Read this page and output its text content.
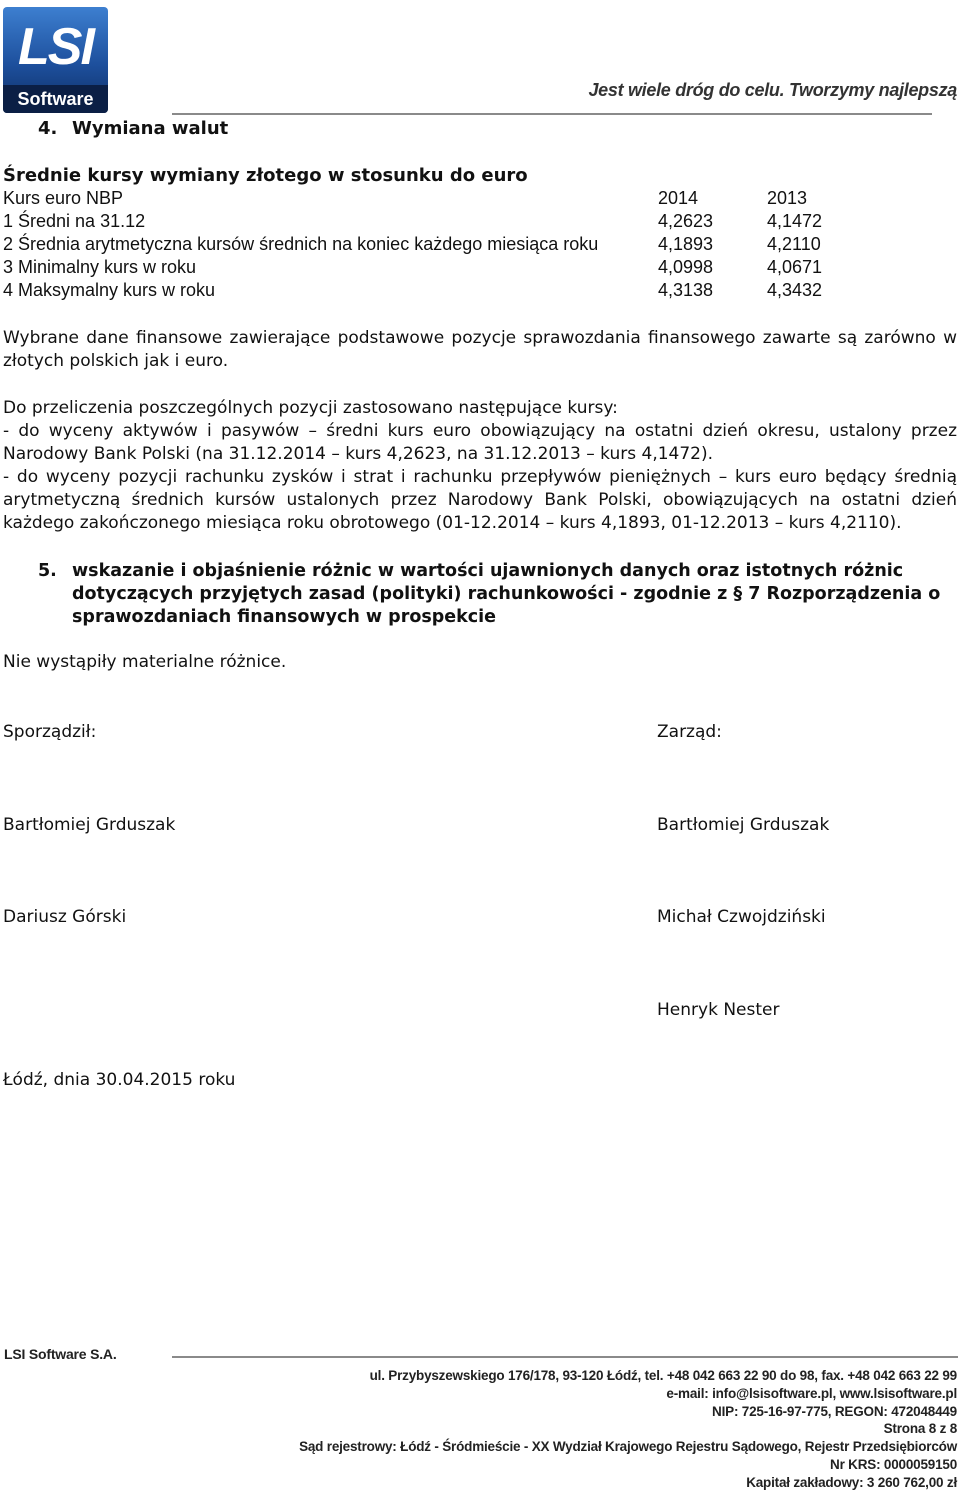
LSI
Software	Jest wiele dróg do celu. Tworzymy najlepszą
4. Wymiana walut
Średnie kursy wymiany złotego w stosunku do euro
Kurs euro NBP	2014	2013
1 Średni na 31.12	4,2623	4,1472
2 Średnia arytmetyczna kursów średnich na koniec każdego miesiąca roku	4,1893	4,2110
3 Minimalny kurs w roku	4,0998	4,0671
4 Maksymalny kurs w roku	4,3138	4,3432
Wybrane dane finansowe zawierające podstawowe pozycje sprawozdania finansowego zawarte są zarówno w
złotych polskich jak i euro.
Do przeliczenia poszczególnych pozycji zastosowano następujące kursy:
- do wyceny aktywów i pasywów – średni kurs euro obowiązujący na ostatni dzień okresu, ustalony przez
Narodowy Bank Polski (na 31.12.2014 – kurs 4,2623, na 31.12.2013 – kurs 4,1472).
- do wyceny pozycji rachunku zysków i strat i rachunku przepływów pieniężnych – kurs euro będący średnią
arytmetyczną średnich kursów ustalonych przez Narodowy Bank Polski, obowiązujących na ostatni dzień
każdego zakończonego miesiąca roku obrotowego (01-12.2014 – kurs 4,1893, 01-12.2013 – kurs 4,2110).
5. wskazanie i objaśnienie różnic w wartości ujawnionych danych oraz istotnych różnic dotyczących przyjętych zasad (polityki) rachunkowości - zgodnie z § 7 Rozporządzenia o sprawozdaniach finansowych w prospekcie
Nie wystąpiły materialne różnice.
Sporządził:	Zarząd:
Bartłomiej Grduszak	Bartłomiej Grduszak
Dariusz Górski	Michał Czwojdziński
Henryk Nester
Łódź, dnia 30.04.2015 roku
LSI Software S.A.
ul. Przybyszewskiego 176/178, 93-120 Łódź, tel. +48 042 663 22 90 do 98, fax. +48 042 663 22 99
e-mail: info@lsisoftware.pl, www.lsisoftware.pl
NIP: 725-16-97-775, REGON: 472048449
Strona 8 z 8
Sąd rejestrowy: Łódź - Śródmieście - XX Wydział Krajowego Rejestru Sądowego, Rejestr Przedsiębiorców
Nr KRS: 0000059150
Kapitał zakładowy: 3 260 762,00 zł
